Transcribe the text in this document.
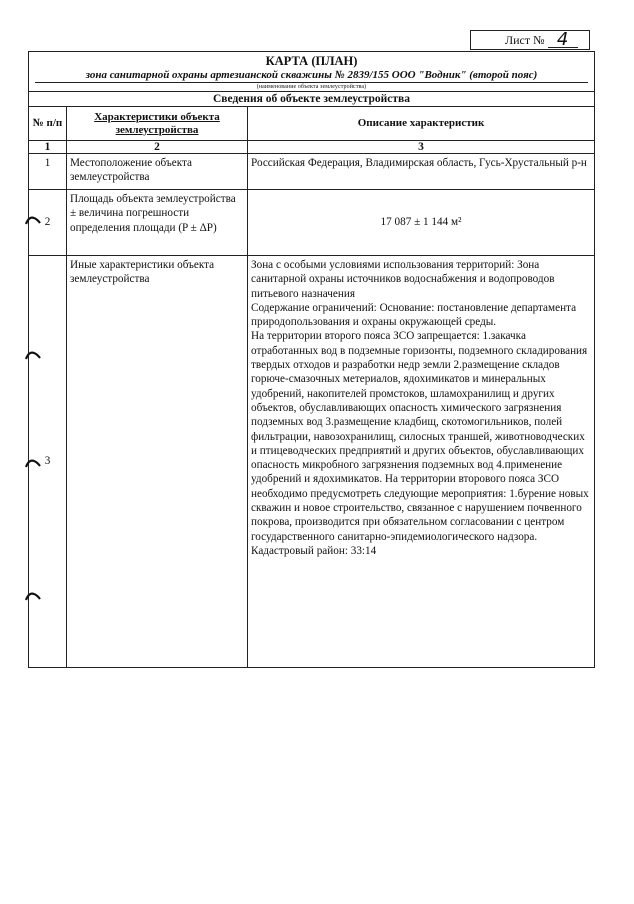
Лист № 4
КАРТА (ПЛАН)
зона санитарной охраны артезианской скважины № 2839/155 ООО "Водник" (второй пояс)
(наименование объекта землеустройства)		

Сведения об объекте землеустройства		
№ п/п	Характеристики объекта землеустройства	Описание характеристик
1	2	3
1	Местоположение объекта землеустройства	Российская Федерация, Владимирская область, Гусь-Хрустальный р-н

2	Площадь объекта землеустройства ± величина погрешности определения площади (P ± ΔP)	17 087 ± 1 144 м²

3	Иные характеристики объекта землеустройства	Зона с особыми условиями использования территорий: Зона санитарной охраны источников водоснабжения и водопроводов питьевого назначения
Содержание ограничений: Основание: постановление департамента природопользования и охраны окружающей среды.
На территории второго пояса ЗСО запрещается: 1.закачка отработанных вод в подземные горизонты, подземного складирования твердых отходов и разработки недр земли 2.размещение складов горюче-смазочных метериалов, ядохимикатов и минеральных удобрений, накопителей промстоков, шламохранилищ и других объектов, обуславливающих опасность химического загрязнения подземных вод 3.размещение кладбищ, скотомогильников, полей фильтрации, навозохранилищ, силосных траншей, животноводческих и птицеводческих предприятий и других объектов, обуславливающих опасность микробного загрязнения подземных вод 4.применение удобрений и ядохимикатов. На территории вторового пояса ЗСО необходимо предусмотреть следующие мероприятия: 1.бурение новых скважин и новое строительство, связанное с нарушением почвенного покрова, производится при обязательном согласовании с центром государственного санитарно-эпидемиологического надзора.
Кадастровый район: 33:14
